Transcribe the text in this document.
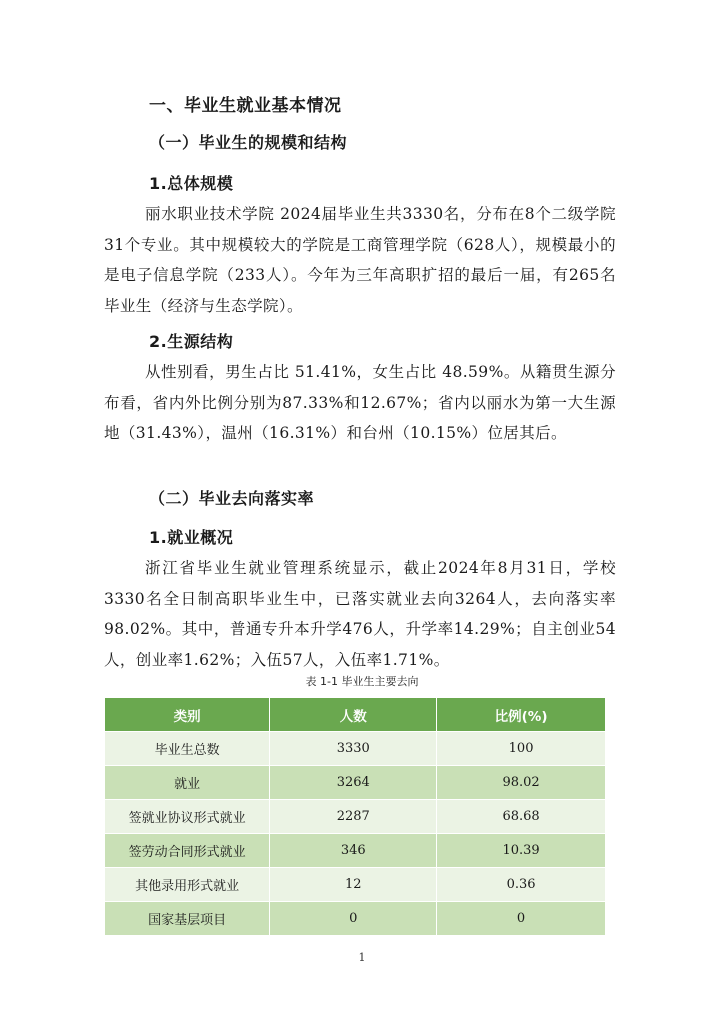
一、毕业生就业基本情况
（一）毕业生的规模和结构
1.总体规模
丽水职业技术学院 2024届毕业生共3330名，分布在8个二级学院31个专业。其中规模较大的学院是工商管理学院（628人），规模最小的是电子信息学院（233人）。今年为三年高职扩招的最后一届，有265名毕业生（经济与生态学院）。
2.生源结构
从性别看，男生占比 51.41%，女生占比 48.59%。从籍贯生源分布看，省内外比例分别为87.33%和12.67%；省内以丽水为第一大生源地（31.43%），温州（16.31%）和台州（10.15%）位居其后。
（二）毕业去向落实率
1.就业概况
浙江省毕业生就业管理系统显示，截止2024年8月31日，学校3330名全日制高职毕业生中，已落实就业去向3264人，去向落实率98.02%。其中，普通专升本升学476人，升学率14.29%；自主创业54人，创业率1.62%；入伍57人，入伍率1.71%。
表 1-1 毕业生主要去向
类别	人数	比例(%)
毕业生总数	3330	100
就业	3264	98.02
签就业协议形式就业	2287	68.68
签劳动合同形式就业	346	10.39
其他录用形式就业	12	0.36
国家基层项目	0	0
1
